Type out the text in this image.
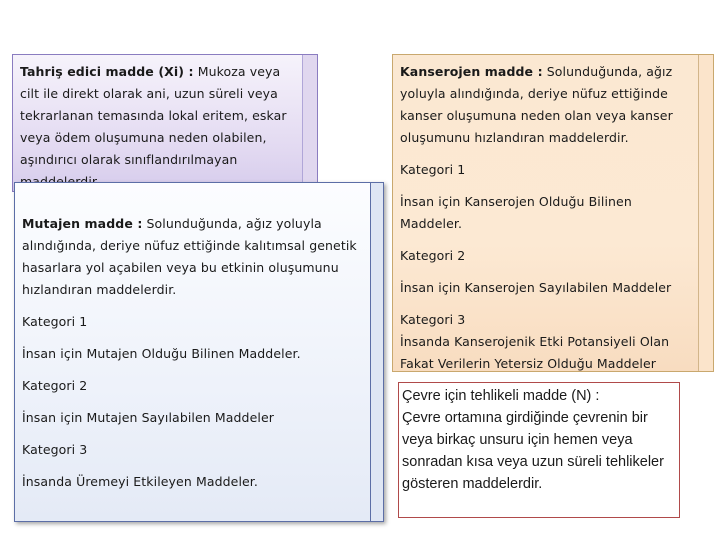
Tahriş edici madde (Xi) : Mukoza veya cilt ile direkt olarak ani, uzun süreli veya tekrarlanan temasında lokal eritem, eskar veya ödem oluşumuna neden olabilen, aşındırıcı olarak sınıflandırılmayan

Kanserojen madde : Solunduğunda, ağız yoluyla alındığında, deriye nüfuz ettiğinde kanser oluşumuna neden olan veya kanser oluşumunu hızlandıran maddelerdir.

Kategori 1

İnsan için Kanserojen Olduğu Bilinen Maddeler.

Kategori 2

İnsan için Kanserojen Sayılabilen Maddeler

Kategori 3

İnsanda Kanserojenik Etki Potansiyeli Olan Fakat Verilerin Yetersiz Olduğu Maddeler

Mutajen madde : Solunduğunda, ağız yoluyla alındığında, deriye nüfuz ettiğinde kalıtımsal genetik hasarlara yol açabilen veya bu etkinin oluşumunu hızlandıran maddelerdir.

Kategori 1

İnsan için Mutajen Olduğu Bilinen Maddeler.

Kategori 2

İnsan için Mutajen Sayılabilen Maddeler

Kategori 3

İnsanda Üremeyi Etkileyen Maddeler.

Çevre için tehlikeli madde (N) :

Çevre ortamına girdiğinde çevrenin bir veya birkaç unsuru için hemen veya sonradan kısa veya uzun süreli tehlikeler gösteren maddelerdir.
